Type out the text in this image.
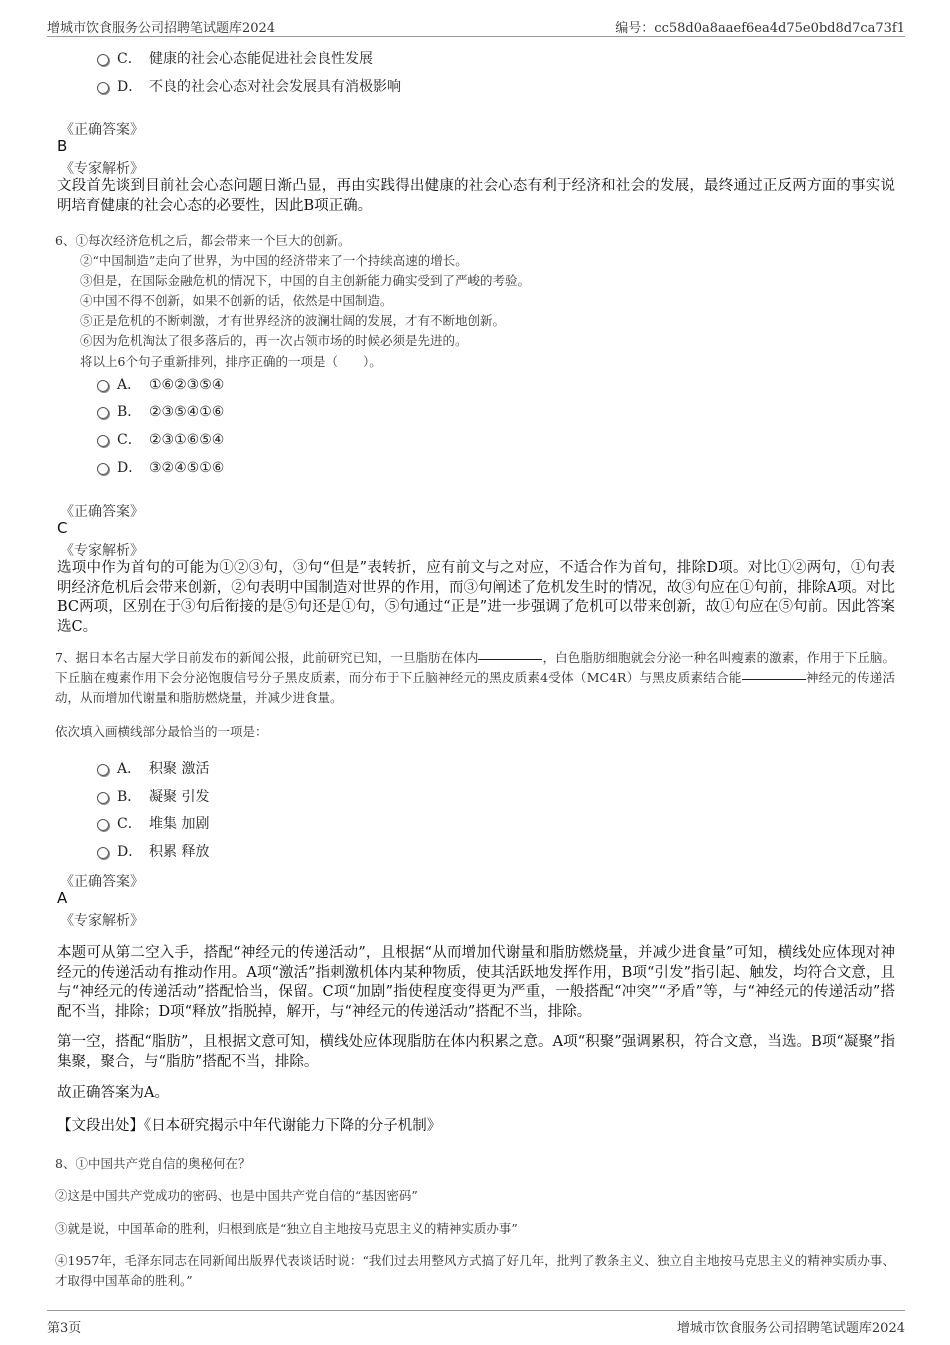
增城市饮食服务公司招聘笔试题库2024	编号：cc58d0a8aaef6ea4d75e0bd8d7ca73f1
C． 健康的社会心态能促进社会良性发展
D． 不良的社会心态对社会发展具有消极影响
《正确答案》
B
《专家解析》
文段首先谈到目前社会心态问题日渐凸显，再由实践得出健康的社会心态有利于经济和社会的发展，最终通过正反两方面的事实说明培育健康的社会心态的必要性，因此B项正确。
6、①每次经济危机之后，都会带来一个巨大的创新。
②“中国制造”走向了世界，为中国的经济带来了一个持续高速的增长。
③但是，在国际金融危机的情况下，中国的自主创新能力确实受到了严峻的考验。
④中国不得不创新，如果不创新的话，依然是中国制造。
⑤正是危机的不断刺激，才有世界经济的波澜壮阔的发展，才有不断地创新。
⑥因为危机淘汰了很多落后的，再一次占领市场的时候必须是先进的。
将以上6个句子重新排列，排序正确的一项是（　　）。
A． ①⑥②③⑤④
B． ②③⑤④①⑥
C． ②③①⑥⑤④
D． ③②④⑤①⑥
《正确答案》
C
《专家解析》
选项中作为首句的可能为①②③句，③句“但是”表转折，应有前文与之对应，不适合作为首句，排除D项。对比①②两句，①句表明经济危机后会带来创新，②句表明中国制造对世界的作用，而③句阐述了危机发生时的情况，故③句应在①句前，排除A项。对比BC两项，区别在于③句后衔接的是⑤句还是①句，⑤句通过“正是”进一步强调了危机可以带来创新，故①句应在⑤句前。因此答案选C。
7、据日本名古屋大学日前发布的新闻公报，此前研究已知，一旦脂肪在体内	，白色脂肪细胞就会分泌一种名叫瘦素的激素，作用于下丘脑。下丘脑在瘦素作用下会分泌饱腹信号分子黑皮质素，而分布于下丘脑神经元的黑皮质素4受体（MC4R）与黑皮质素结合能	神经元的传递活动，从而增加代谢量和脂肪燃烧量，并减少进食量。
依次填入画横线部分最恰当的一项是：
A． 积聚 激活
B． 凝聚 引发
C． 堆集 加剧
D． 积累 释放
《正确答案》
A
《专家解析》
本题可从第二空入手，搭配“神经元的传递活动”，且根据“从而增加代谢量和脂肪燃烧量，并减少进食量”可知，横线处应体现对神经元的传递活动有推动作用。A项“激活”指刺激机体内某种物质，使其活跃地发挥作用，B项“引发”指引起、触发，均符合文意，且与“神经元的传递活动”搭配恰当，保留。C项“加剧”指使程度变得更为严重，一般搭配“冲突”“矛盾”等，与“神经元的传递活动”搭配不当，排除；D项“释放”指脱掉，解开，与“神经元的传递活动”搭配不当，排除。
第一空，搭配“脂肪”，且根据文意可知，横线处应体现脂肪在体内积累之意。A项“积聚”强调累积，符合文意，当选。B项“凝聚”指集聚，聚合，与“脂肪”搭配不当，排除。
故正确答案为A。
【文段出处】《日本研究揭示中年代谢能力下降的分子机制》
8、①中国共产党自信的奥秘何在？
②这是中国共产党成功的密码、也是中国共产党自信的“基因密码”
③就是说，中国革命的胜利，归根到底是“独立自主地按马克思主义的精神实质办事”
④1957年，毛泽东同志在同新闻出版界代表谈话时说：“我们过去用整风方式搞了好几年，批判了教条主义、独立自主地按马克思主义的精神实质办事、才取得中国革命的胜利。”
第3页	增城市饮食服务公司招聘笔试题库2024
